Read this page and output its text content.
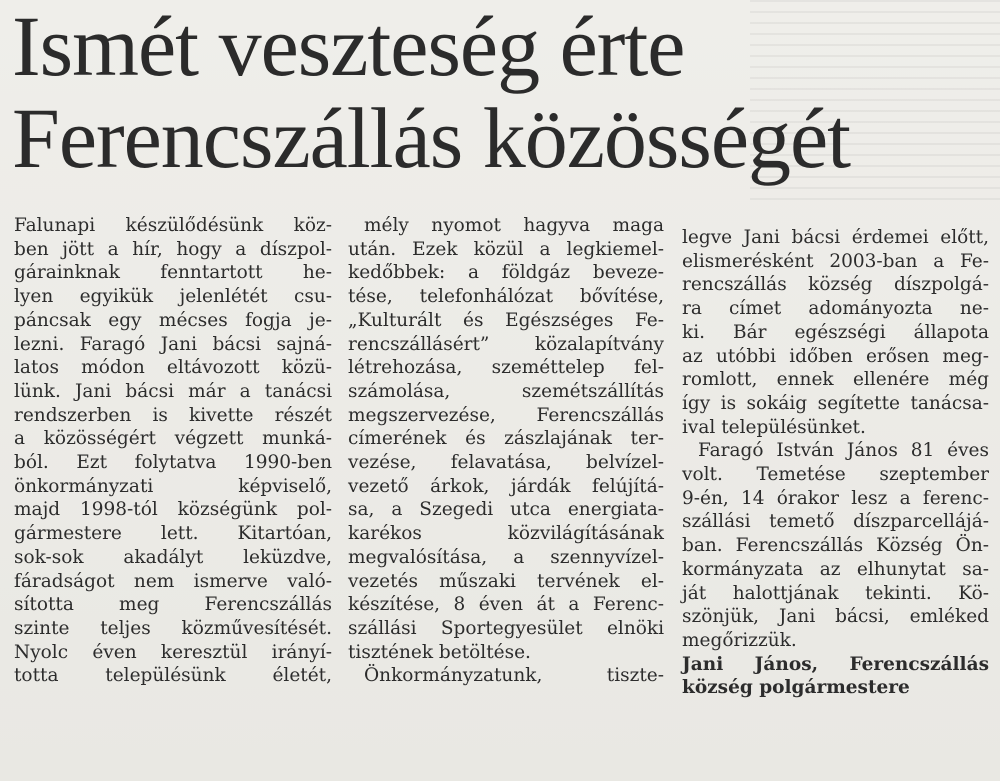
Ismét veszteség érte
Ferencszállás közösségét
Falunapi készülődésünk köz-
ben jött a hír, hogy a díszpol-
gárainknak fenntartott he-
lyen egyikük jelenlétét csu-
páncsak egy mécses fogja je-
lezni. Faragó Jani bácsi sajná-
latos módon eltávozott közü-
lünk. Jani bácsi már a tanácsi
rendszerben is kivette részét
a közösségért végzett munká-
ból. Ezt folytatva 1990-ben
önkormányzati képviselő,
majd 1998-tól községünk pol-
gármestere lett. Kitartóan,
sok-sok akadályt leküzdve,
fáradságot nem ismerve való-
sította meg Ferencszállás
szinte teljes közművesítését.
Nyolc éven keresztül irányí-
totta településünk életét,
mély nyomot hagyva maga
után. Ezek közül a legkiemel-
kedőbbek: a földgáz beveze-
tése, telefonhálózat bővítése,
„Kulturált és Egészséges Fe-
rencszállásért” közalapítvány
létrehozása, szeméttelep fel-
számolása, szemétszállítás
megszervezése, Ferencszállás
címerének és zászlajának ter-
vezése, felavatása, belvízel-
vezető árkok, járdák felújítá-
sa, a Szegedi utca energiata-
karékos közvilágításának
megvalósítása, a szennyvízel-
vezetés műszaki tervének el-
készítése, 8 éven át a Ferenc-
szállási Sportegyesület elnöki
tisztének betöltése.
Önkormányzatunk, tiszte-
legve Jani bácsi érdemei előtt,
elismerésként 2003-ban a Fe-
rencszállás község díszpolgá-
ra címet adományozta ne-
ki. Bár egészségi állapota
az utóbbi időben erősen meg-
romlott, ennek ellenére még
így is sokáig segítette tanácsa-
ival településünket.
Faragó István János 81 éves
volt. Temetése szeptember
9-én, 14 órakor lesz a ferenc-
szállási temető díszparcellájá-
ban. Ferencszállás Község Ön-
kormányzata az elhunytat sa-
ját halottjának tekinti. Kö-
szönjük, Jani bácsi, emléked
megőrizzük.
Jani János, Ferencszállás
község polgármestere
